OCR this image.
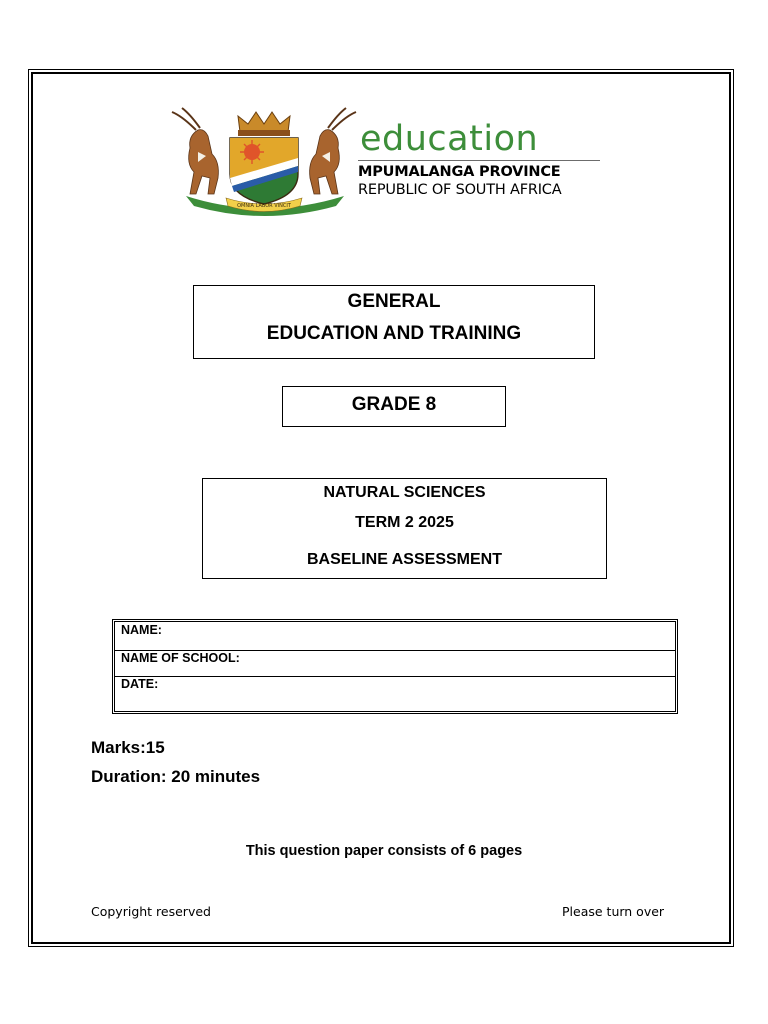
OMNIA LABOR VINCIT
education
MPUMALANGA PROVINCE
REPUBLIC OF SOUTH AFRICA
GENERAL
EDUCATION AND TRAINING
GRADE 8
NATURAL SCIENCES
TERM 2 2025
BASELINE ASSESSMENT
NAME:
NAME OF SCHOOL:
DATE:
Marks:15
Duration: 20 minutes
This question paper consists of 6 pages
Copyright reserved	Please turn over
